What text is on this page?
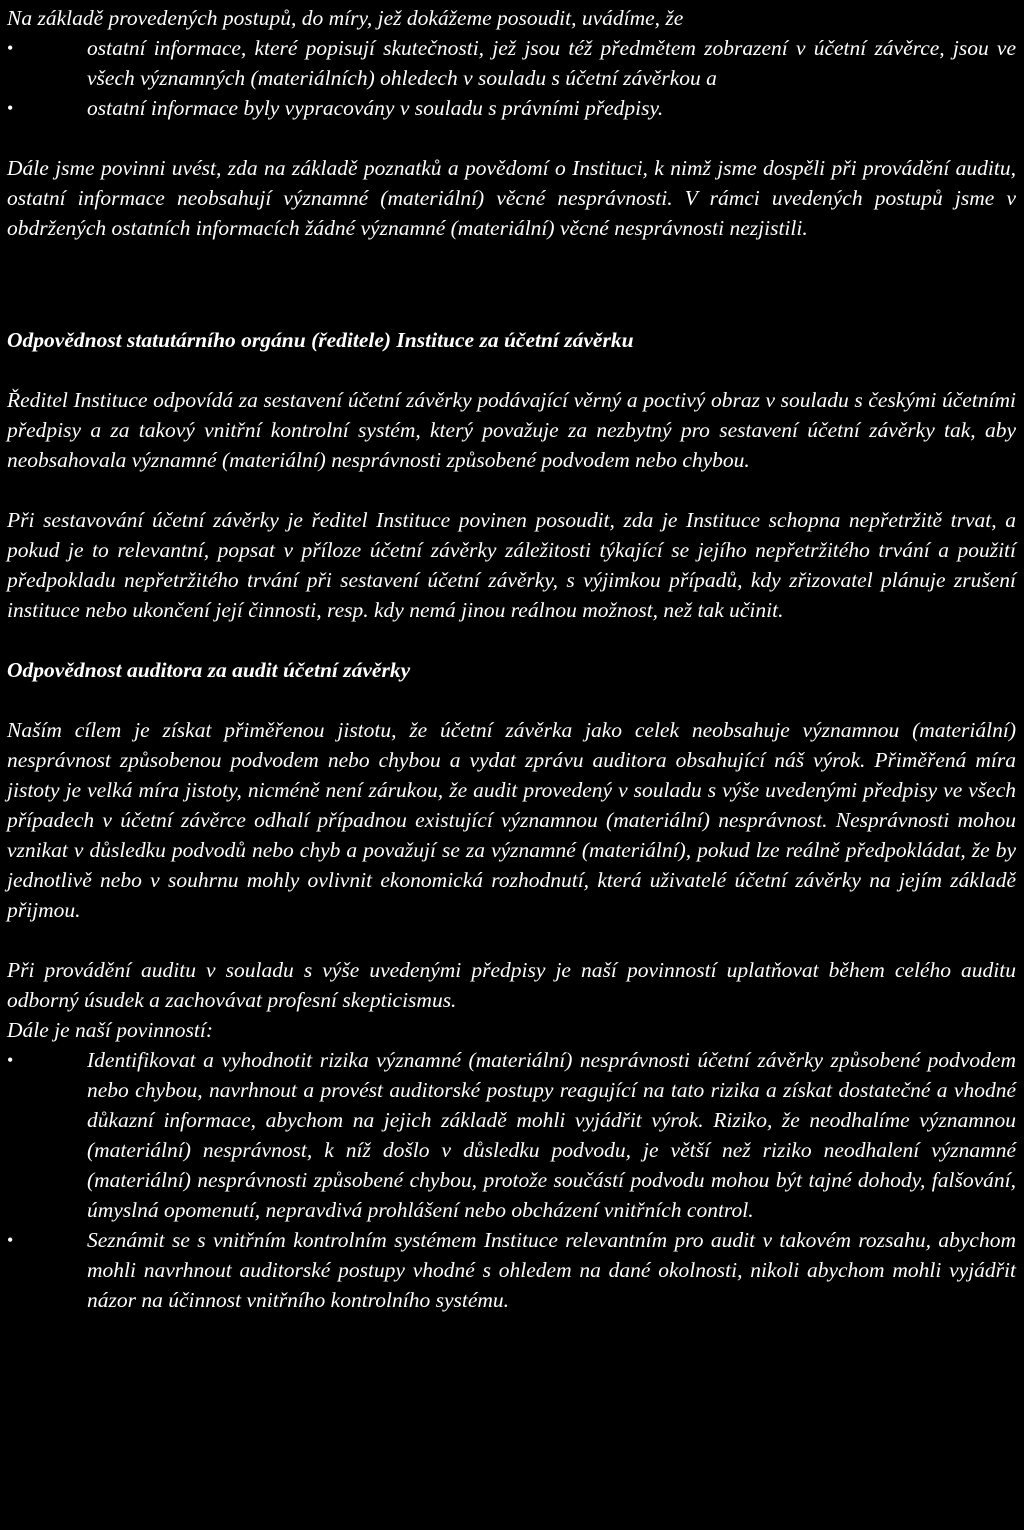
Na základě provedených postupů, do míry, jež dokážeme posoudit, uvádíme, že

•	ostatní informace, které popisují skutečnosti, jež jsou též předmětem zobrazení v účetní závěrce, jsou ve všech významných (materiálních) ohledech v souladu s účetní závěrkou a
•	ostatní informace byly vypracovány v souladu s právními předpisy.

Dále jsme povinni uvést, zda na základě poznatků a povědomí o Instituci, k nimž jsme dospěli při provádění auditu, ostatní informace neobsahují významné (materiální) věcné nesprávnosti. V rámci uvedených postupů jsme v obdržených ostatních informacích žádné významné (materiální) věcné nesprávnosti nezjistili.

Odpovědnost statutárního orgánu (ředitele) Instituce za účetní závěrku

Ředitel Instituce odpovídá za sestavení účetní závěrky podávající věrný a poctivý obraz v souladu s českými účetními předpisy a za takový vnitřní kontrolní systém, který považuje za nezbytný pro sestavení účetní závěrky tak, aby neobsahovala významné (materiální) nesprávnosti způsobené podvodem nebo chybou.

Při sestavování účetní závěrky je ředitel Instituce povinen posoudit, zda je Instituce schopna nepřetržitě trvat, a pokud je to relevantní, popsat v příloze účetní závěrky záležitosti týkající se jejího nepřetržitého trvání a použití předpokladu nepřetržitého trvání při sestavení účetní závěrky, s výjimkou případů, kdy zřizovatel plánuje zrušení instituce nebo ukončení její činnosti, resp. kdy nemá jinou reálnou možnost, než tak učinit.

Odpovědnost auditora za audit účetní závěrky

Naším cílem je získat přiměřenou jistotu, že účetní závěrka jako celek neobsahuje významnou (materiální) nesprávnost způsobenou podvodem nebo chybou a vydat zprávu auditora obsahující náš výrok. Přiměřená míra jistoty je velká míra jistoty, nicméně není zárukou, že audit provedený v souladu s výše uvedenými předpisy ve všech případech v účetní závěrce odhalí případnou existující významnou (materiální) nesprávnost. Nesprávnosti mohou vznikat v důsledku podvodů nebo chyb a považují se za významné (materiální), pokud lze reálně předpokládat, že by jednotlivě nebo v souhrnu mohly ovlivnit ekonomická rozhodnutí, která uživatelé účetní závěrky na jejím základě přijmou.

Při provádění auditu v souladu s výše uvedenými předpisy je naší povinností uplatňovat během celého auditu odborný úsudek a zachovávat profesní skepticismus.

Dále je naší povinností:

•	Identifikovat a vyhodnotit rizika významné (materiální) nesprávnosti účetní závěrky způsobené podvodem nebo chybou, navrhnout a provést auditorské postupy reagující na tato rizika a získat dostatečné a vhodné důkazní informace, abychom na jejich základě mohli vyjádřit výrok. Riziko, že neodhalíme významnou (materiální) nesprávnost, k níž došlo v důsledku podvodu, je větší než riziko neodhalení významné (materiální) nesprávnosti způsobené chybou, protože součástí podvodu mohou být tajné dohody, falšování, úmyslná opomenutí, nepravdivá prohlášení nebo obcházení vnitřních control.
•	Seznámit se s vnitřním kontrolním systémem Instituce relevantním pro audit v takovém rozsahu, abychom mohli navrhnout auditorské postupy vhodné s ohledem na dané okolnosti, nikoli abychom mohli vyjádřit názor na účinnost vnitřního kontrolního systému.
